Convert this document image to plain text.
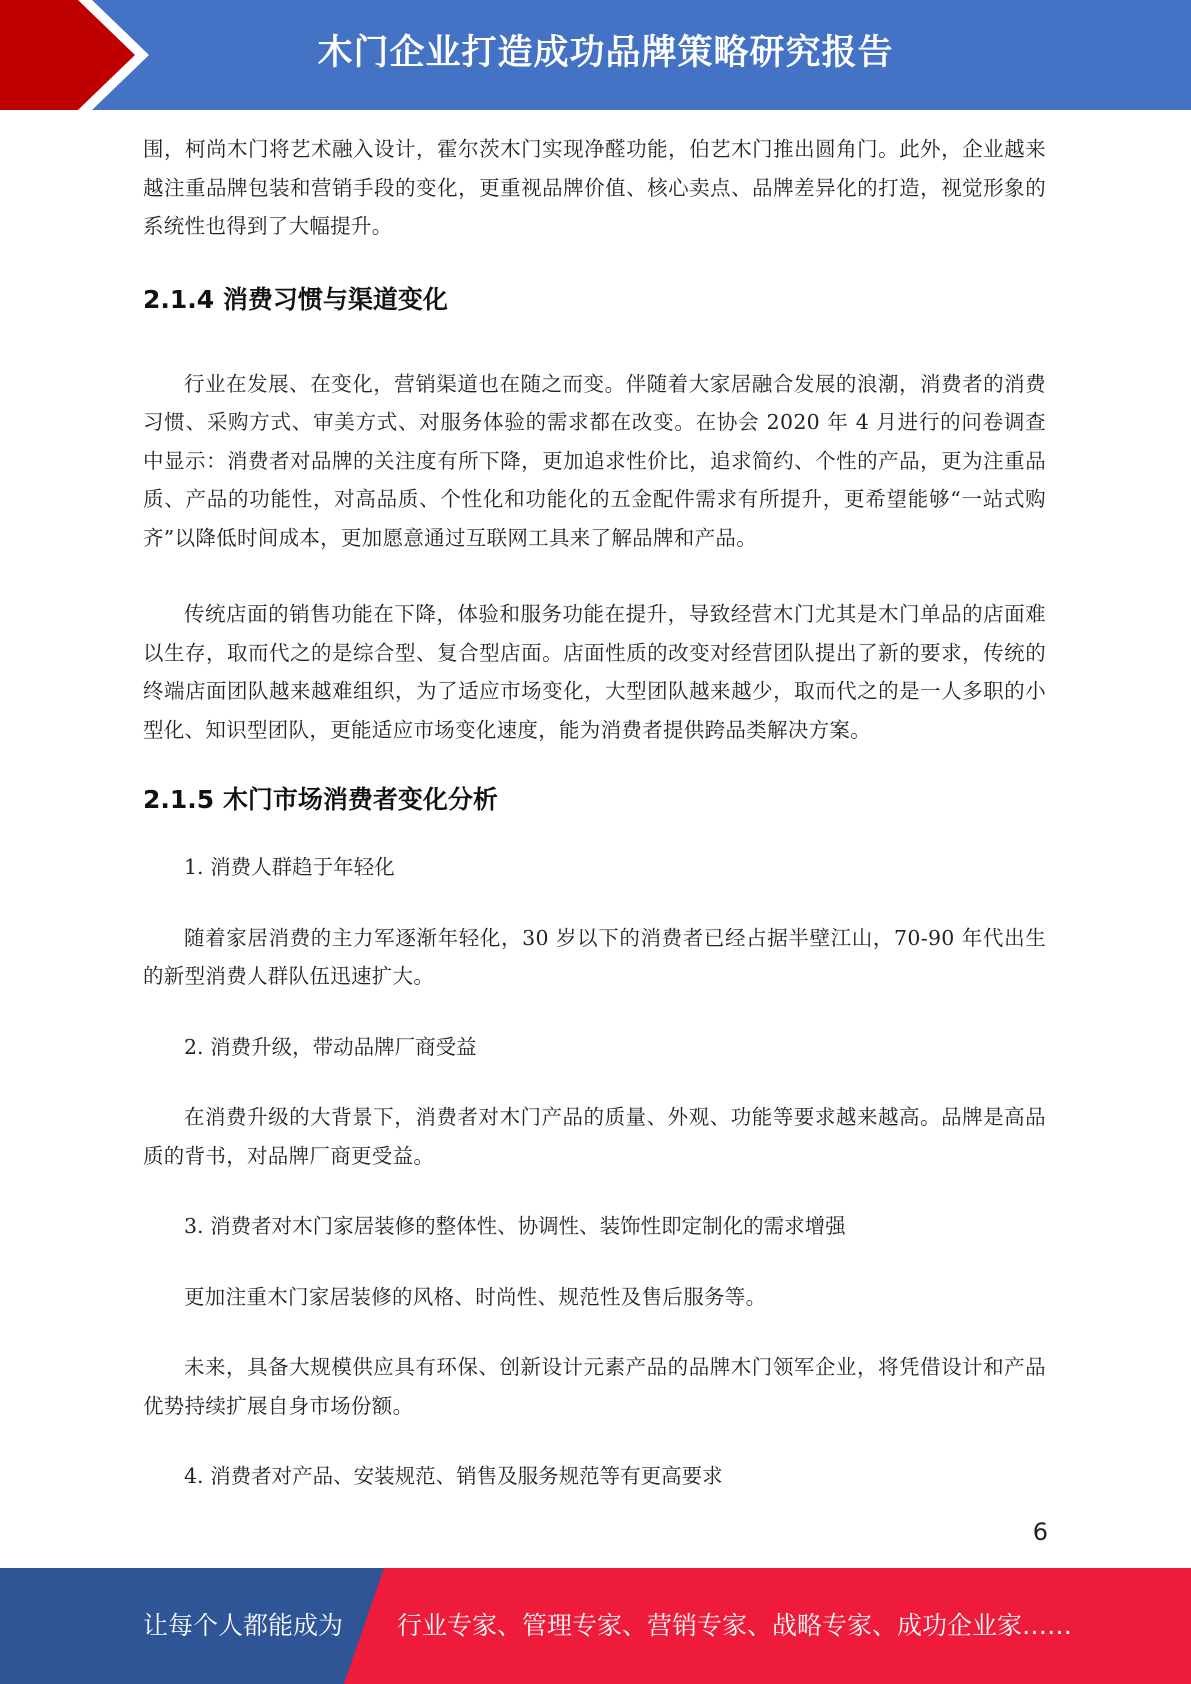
木门企业打造成功品牌策略研究报告

围，柯尚木门将艺术融入设计，霍尔茨木门实现净醛功能，伯艺木门推出圆角门。此外，企业越来越注重品牌包装和营销手段的变化，更重视品牌价值、核心卖点、品牌差异化的打造，视觉形象的系统性也得到了大幅提升。

2.1.4 消费习惯与渠道变化

行业在发展、在变化，营销渠道也在随之而变。伴随着大家居融合发展的浪潮，消费者的消费习惯、采购方式、审美方式、对服务体验的需求都在改变。在协会 2020 年 4 月进行的问卷调查中显示：消费者对品牌的关注度有所下降，更加追求性价比，追求简约、个性的产品，更为注重品质、产品的功能性，对高品质、个性化和功能化的五金配件需求有所提升，更希望能够“一站式购齐”以降低时间成本，更加愿意通过互联网工具来了解品牌和产品。

传统店面的销售功能在下降，体验和服务功能在提升，导致经营木门尤其是木门单品的店面难以生存，取而代之的是综合型、复合型店面。店面性质的改变对经营团队提出了新的要求，传统的终端店面团队越来越难组织，为了适应市场变化，大型团队越来越少，取而代之的是一人多职的小型化、知识型团队，更能适应市场变化速度，能为消费者提供跨品类解决方案。

2.1.5 木门市场消费者变化分析

1. 消费人群趋于年轻化

随着家居消费的主力军逐渐年轻化，30 岁以下的消费者已经占据半壁江山，70-90 年代出生的新型消费人群队伍迅速扩大。

2. 消费升级，带动品牌厂商受益

在消费升级的大背景下，消费者对木门产品的质量、外观、功能等要求越来越高。品牌是高品质的背书，对品牌厂商更受益。

3. 消费者对木门家居装修的整体性、协调性、装饰性即定制化的需求增强

更加注重木门家居装修的风格、时尚性、规范性及售后服务等。

未来，具备大规模供应具有环保、创新设计元素产品的品牌木门领军企业，将凭借设计和产品优势持续扩展自身市场份额。

4. 消费者对产品、安装规范、销售及服务规范等有更高要求

6
让每个人都能成为 行业专家、管理专家、营销专家、战略专家、成功企业家……
